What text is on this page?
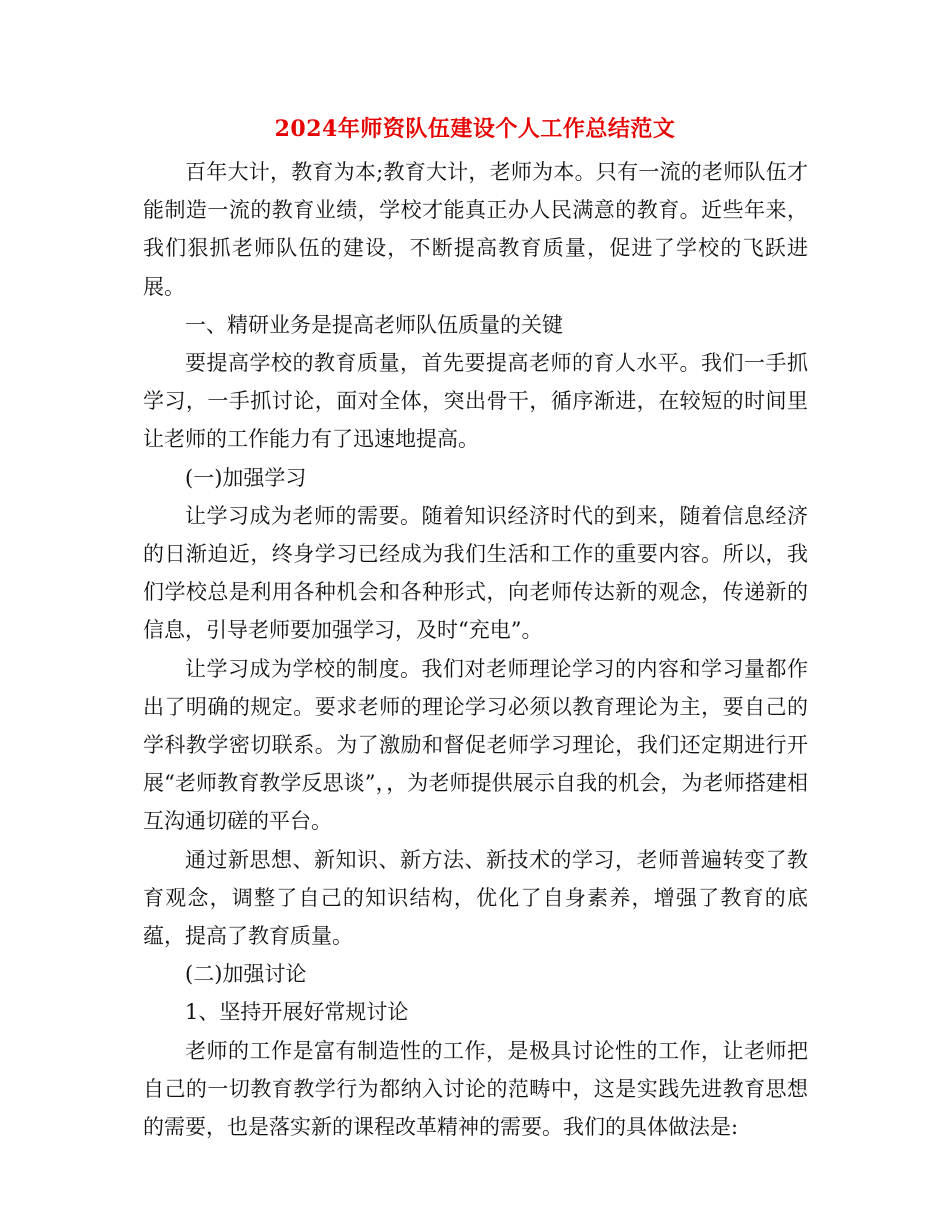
2024年师资队伍建设个人工作总结范文

百年大计，教育为本;教育大计，老师为本。只有一流的老师队伍才能制造一流的教育业绩，学校才能真正办人民满意的教育。近些年来，我们狠抓老师队伍的建设，不断提高教育质量，促进了学校的飞跃进展。

一、精研业务是提高老师队伍质量的关键

要提高学校的教育质量，首先要提高老师的育人水平。我们一手抓学习，一手抓讨论，面对全体，突出骨干，循序渐进，在较短的时间里让老师的工作能力有了迅速地提高。

(一)加强学习

让学习成为老师的需要。随着知识经济时代的到来，随着信息经济的日渐迫近，终身学习已经成为我们生活和工作的重要内容。所以，我们学校总是利用各种机会和各种形式，向老师传达新的观念，传递新的信息，引导老师要加强学习，及时“充电”。

让学习成为学校的制度。我们对老师理论学习的内容和学习量都作出了明确的规定。要求老师的理论学习必须以教育理论为主，要自己的学科教学密切联系。为了激励和督促老师学习理论，我们还定期进行开展“老师教育教学反思谈”，，为老师提供展示自我的机会，为老师搭建相互沟通切磋的平台。

通过新思想、新知识、新方法、新技术的学习，老师普遍转变了教育观念，调整了自己的知识结构，优化了自身素养，增强了教育的底蕴，提高了教育质量。

(二)加强讨论

1、坚持开展好常规讨论

老师的工作是富有制造性的工作，是极具讨论性的工作，让老师把自己的一切教育教学行为都纳入讨论的范畴中，这是实践先进教育思想的需要，也是落实新的课程改革精神的需要。我们的具体做法是:
